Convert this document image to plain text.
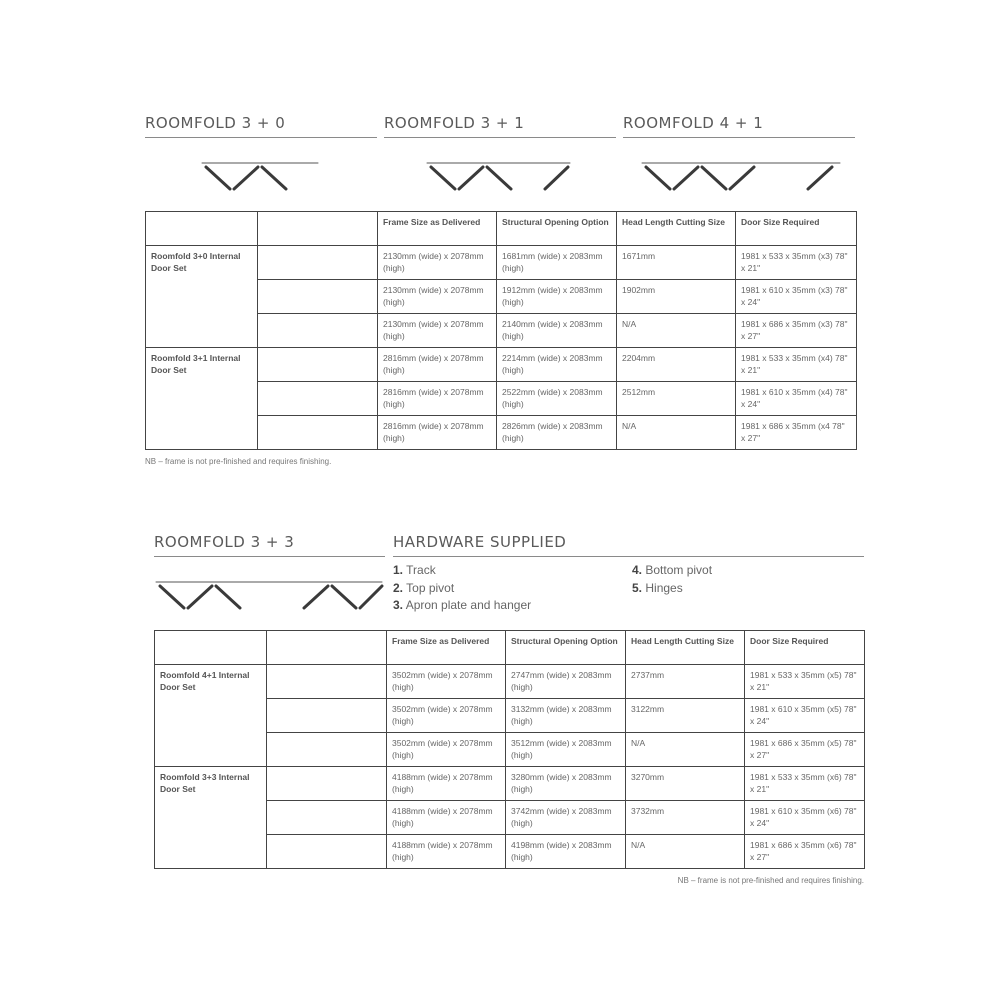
ROOMFOLD 3 + 0	ROOMFOLD 3 + 1	ROOMFOLD 4 + 1
		Frame Size as Delivered	Structural Opening Option	Head Length Cutting Size	Door Size Required
Roomfold 3+0 Internal Door Set		2130mm (wide) x 2078mm (high)	1681mm (wide) x 2083mm (high)	1671mm	1981 x 533 x 35mm (x3) 78" x 21"
		2130mm (wide) x 2078mm (high)	1912mm (wide) x 2083mm (high)	1902mm	1981 x 610 x 35mm (x3) 78" x 24"
		2130mm (wide) x 2078mm (high)	2140mm (wide) x 2083mm (high)	N/A	1981 x 686 x 35mm (x3) 78" x 27"
Roomfold 3+1 Internal Door Set		2816mm (wide) x 2078mm (high)	2214mm (wide) x 2083mm (high)	2204mm	1981 x 533 x 35mm (x4) 78" x 21"
		2816mm (wide) x 2078mm (high)	2522mm (wide) x 2083mm (high)	2512mm	1981 x 610 x 35mm (x4) 78" x 24"
		2816mm (wide) x 2078mm (high)	2826mm (wide) x 2083mm (high)	N/A	1981 x 686 x 35mm (x4 78" x 27"
NB – frame is not pre-finished and requires finishing.
ROOMFOLD 3 + 3	HARDWARE SUPPLIED
1. Track
2. Top pivot
3. Apron plate and hanger
4. Bottom pivot
5. Hinges
		Frame Size as Delivered	Structural Opening Option	Head Length Cutting Size	Door Size Required
Roomfold 4+1 Internal Door Set		3502mm (wide) x 2078mm (high)	2747mm (wide) x 2083mm (high)	2737mm	1981 x 533 x 35mm (x5) 78" x 21"
		3502mm (wide) x 2078mm (high)	3132mm (wide) x 2083mm (high)	3122mm	1981 x 610 x 35mm (x5) 78" x 24"
		3502mm (wide) x 2078mm (high)	3512mm (wide) x 2083mm (high)	N/A	1981 x 686 x 35mm (x5) 78" x 27"
Roomfold 3+3 Internal Door Set		4188mm (wide) x 2078mm (high)	3280mm (wide) x 2083mm (high)	3270mm	1981 x 533 x 35mm (x6) 78" x 21"
		4188mm (wide) x 2078mm (high)	3742mm (wide) x 2083mm (high)	3732mm	1981 x 610 x 35mm (x6) 78" x 24"
		4188mm (wide) x 2078mm (high)	4198mm (wide) x 2083mm (high)	N/A	1981 x 686 x 35mm (x6) 78" x 27"
NB – frame is not pre-finished and requires finishing.
